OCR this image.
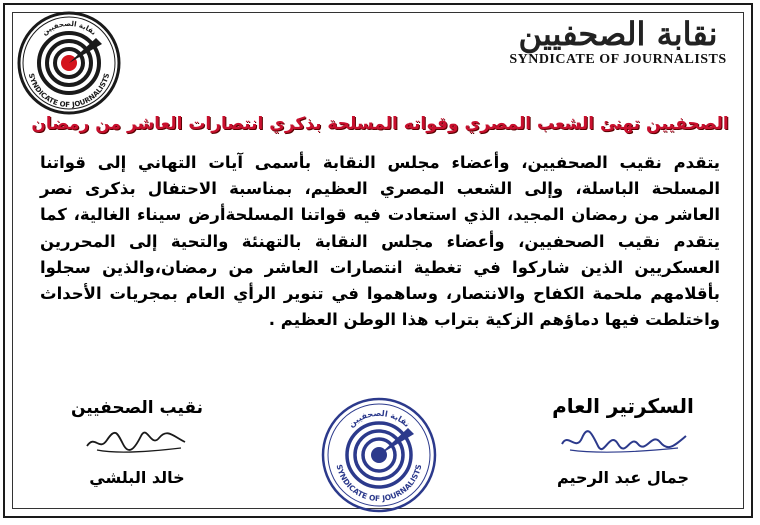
SYNDICATE OF JOURNALISTS
نقابة الصحفيين	نقابة الصحفيين
SYNDICATE OF JOURNALISTS
الصحفيين تهنئ الشعب المصري وقواته المسلحة بذكري انتصارات العاشر من رمضان
يتقدم نقيب الصحفيين، وأعضاء مجلس النقابة بأسمى آيات التهاني إلى قواتنا المسلحة الباسلة، وإلى الشعب المصري العظيم، بمناسبة الاحتفال بذكرى نصر العاشر من رمضان المجيد، الذي استعادت فيه قواتنا المسلحةأرض سيناء الغالية، كما يتقدم نقيب الصحفيين، وأعضاء مجلس النقابة بالتهنئة والتحية إلى المحررين العسكريين الذين شاركوا في تغطية انتصارات العاشر من رمضان،والذين سجلوا بأقلامهم ملحمة الكفاح والانتصار، وساهموا في تنوير الرأي العام بمجريات الأحداث واختلطت فيها دماؤهم الزكية بتراب هذا الوطن العظيم .
نقيب الصحفيين
خالد البلشي
نقابة الصحفيين
SYNDICATE OF JOURNALISTS
السكرتير العام
جمال عبد الرحيم
